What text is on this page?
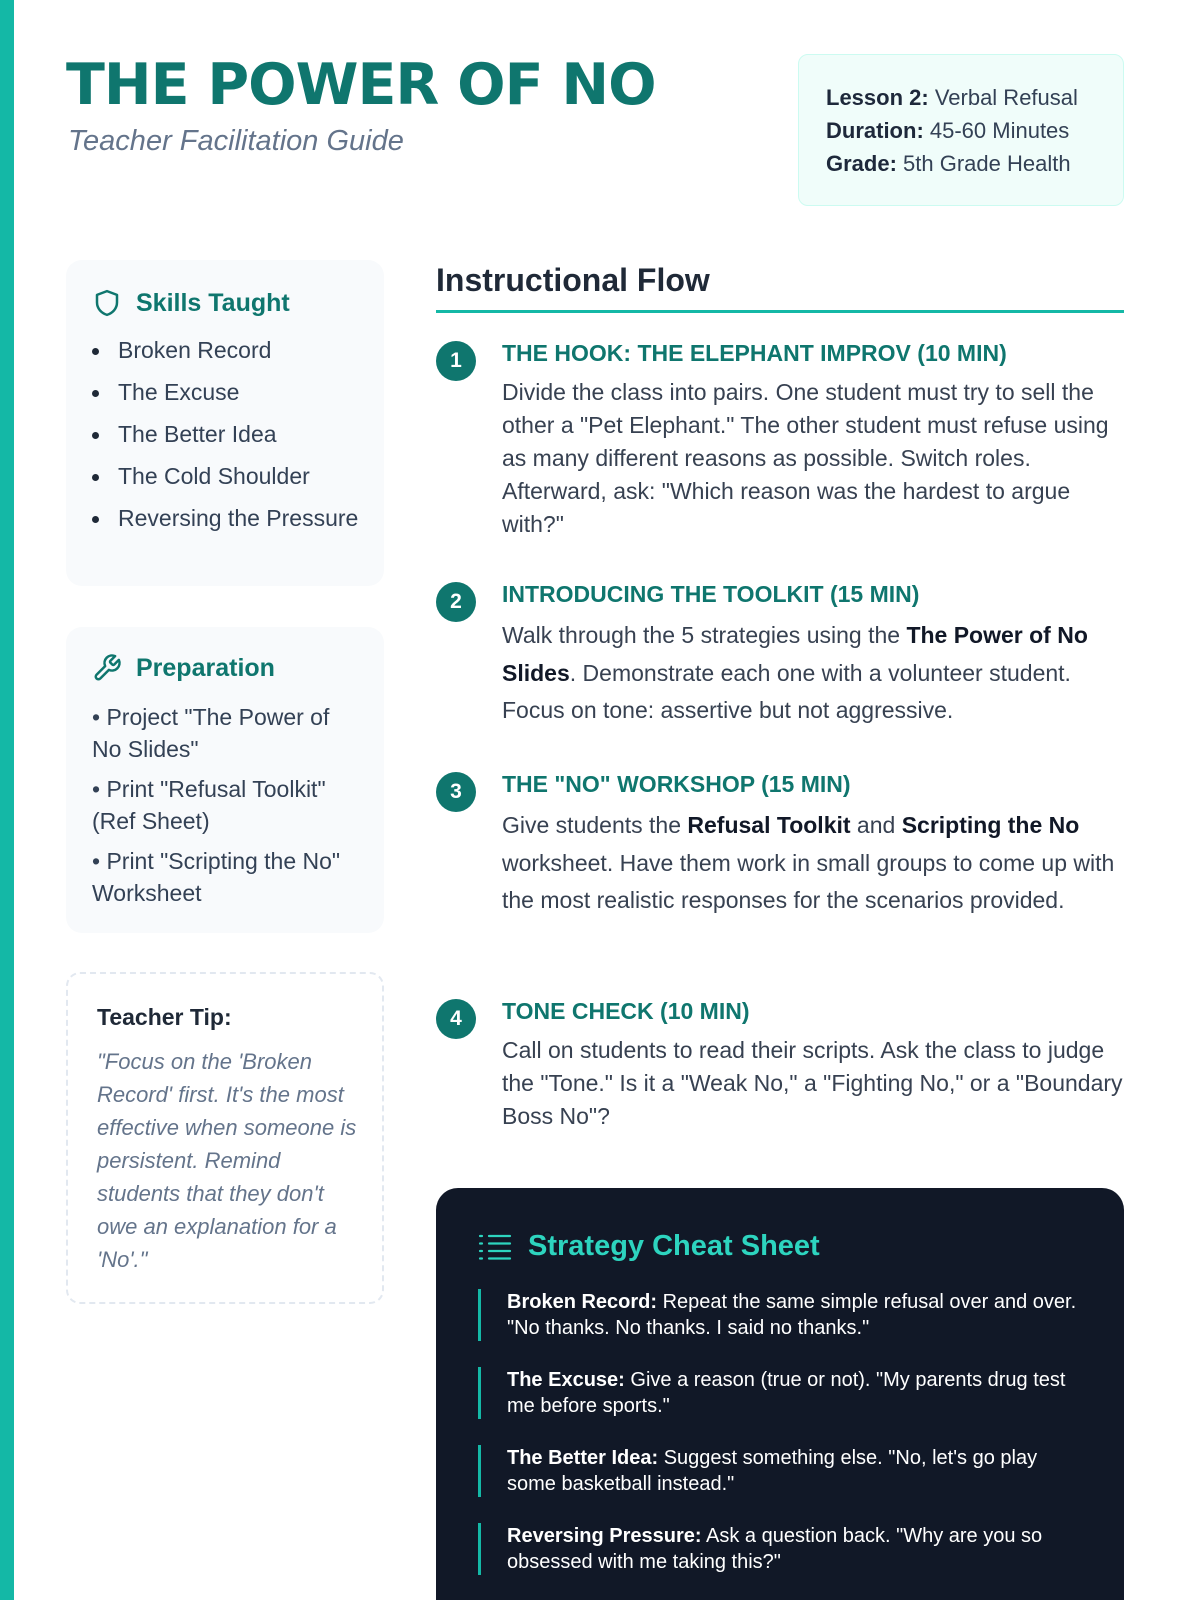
THE POWER OF NO
Teacher Facilitation Guide
Lesson 2: Verbal Refusal
Duration: 45-60 Minutes
Grade: 5th Grade Health
Skills Taught
Broken Record
The Excuse
The Better Idea
The Cold Shoulder
Reversing the Pressure
Preparation
• Project "The Power of No Slides"
• Print "Refusal Toolkit" (Ref Sheet)
• Print "Scripting the No" Worksheet
Teacher Tip:
"Focus on the 'Broken Record' first. It's the most effective when someone is persistent. Remind students that they don't owe an explanation for a 'No'."
Instructional Flow
1	THE HOOK: THE ELEPHANT IMPROV (10 MIN)
Divide the class into pairs. One student must try to sell the other a "Pet Elephant." The other student must refuse using as many different reasons as possible. Switch roles. Afterward, ask: "Which reason was the hardest to argue with?"
2	INTRODUCING THE TOOLKIT (15 MIN)
Walk through the 5 strategies using the The Power of No Slides. Demonstrate each one with a volunteer student. Focus on tone: assertive but not aggressive.
3	THE "NO" WORKSHOP (15 MIN)
Give students the Refusal Toolkit and Scripting the No worksheet. Have them work in small groups to come up with the most realistic responses for the scenarios provided.
4	TONE CHECK (10 MIN)
Call on students to read their scripts. Ask the class to judge the "Tone." Is it a "Weak No," a "Fighting No," or a "Boundary Boss No"?
Strategy Cheat Sheet
Broken Record: Repeat the same simple refusal over and over. "No thanks. No thanks. I said no thanks."
The Excuse: Give a reason (true or not). "My parents drug test me before sports."
The Better Idea: Suggest something else. "No, let's go play some basketball instead."
Reversing Pressure: Ask a question back. "Why are you so obsessed with me taking this?"
